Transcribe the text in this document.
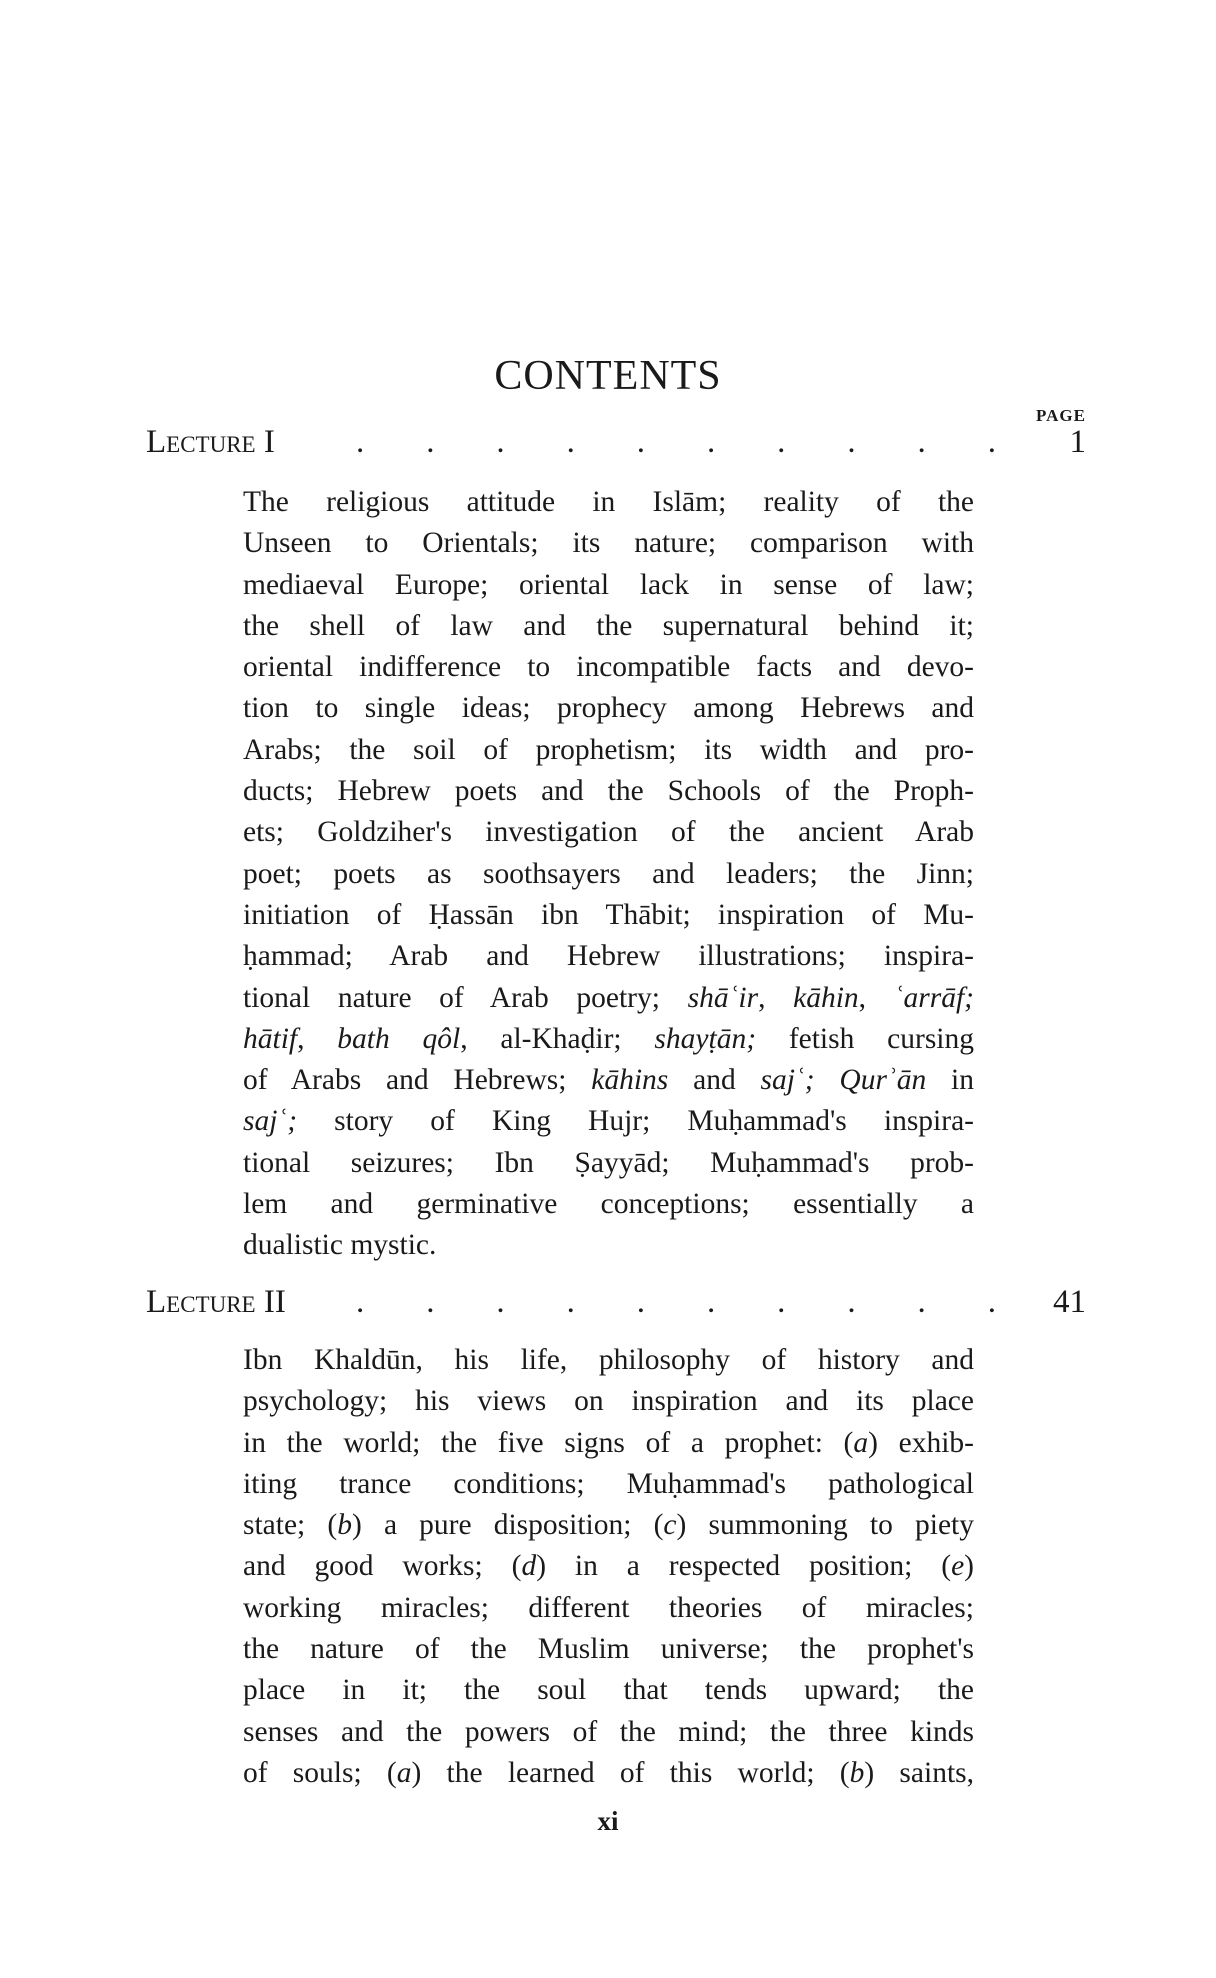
CONTENTS
PAGE
Lecture I . . . . . . . . . . 1
The religious attitude in Islām; reality of the
Unseen to Orientals; its nature; comparison with
mediaeval Europe; oriental lack in sense of law;
the shell of law and the supernatural behind it;
oriental indifference to incompatible facts and devo-
tion to single ideas; prophecy among Hebrews and
Arabs; the soil of prophetism; its width and pro-
ducts; Hebrew poets and the Schools of the Proph-
ets; Goldziher's investigation of the ancient Arab
poet; poets as soothsayers and leaders; the Jinn;
initiation of Ḥassān ibn Thābit; inspiration of Mu-
ḥammad; Arab and Hebrew illustrations; inspira-
tional nature of Arab poetry; shāʿir, kāhin, ʿarrāf;
hātif, bath qôl, al-Khaḍir; shayṭān; fetish cursing
of Arabs and Hebrews; kāhins and sajʿ; Qurʾān in
sajʿ; story of King Hujr; Muḥammad's inspira-
tional seizures; Ibn Ṣayyād; Muḥammad's prob-
lem and germinative conceptions; essentially a
dualistic mystic.
Lecture II . . . . . . . . . . 41
Ibn Khaldūn, his life, philosophy of history and
psychology; his views on inspiration and its place
in the world; the five signs of a prophet: (a) exhib-
iting trance conditions; Muḥammad's pathological
state; (b) a pure disposition; (c) summoning to piety
and good works; (d) in a respected position; (e)
working miracles; different theories of miracles;
the nature of the Muslim universe; the prophet's
place in it; the soul that tends upward; the
senses and the powers of the mind; the three kinds
of souls; (a) the learned of this world; (b) saints,
xi
